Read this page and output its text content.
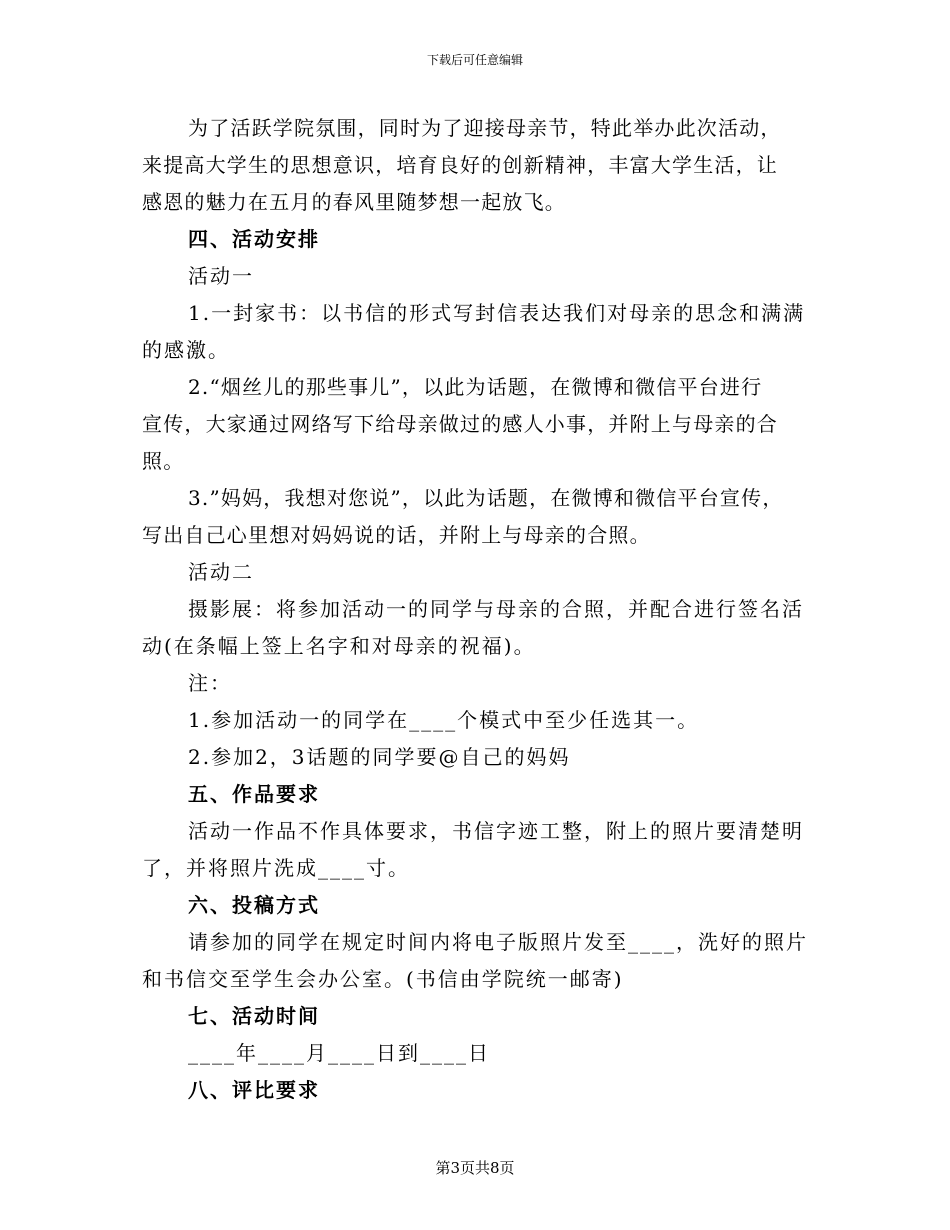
下载后可任意编辑

为了活跃学院氛围，同时为了迎接母亲节，特此举办此次活动，
来提高大学生的思想意识，培育良好的创新精神，丰富大学生活，让
感恩的魅力在五月的春风里随梦想一起放飞。

四、活动安排

活动一

1.一封家书：以书信的形式写封信表达我们对母亲的思念和满满
的感激。

2.“烟丝儿的那些事儿”，以此为话题，在微博和微信平台进行
宣传，大家通过网络写下给母亲做过的感人小事，并附上与母亲的合
照。

3.”妈妈，我想对您说”，以此为话题，在微博和微信平台宣传，
写出自己心里想对妈妈说的话，并附上与母亲的合照。

活动二

摄影展：将参加活动一的同学与母亲的合照，并配合进行签名活
动(在条幅上签上名字和对母亲的祝福)。

注：

1.参加活动一的同学在____个模式中至少任选其一。

2.参加2，3话题的同学要@自己的妈妈

五、作品要求

活动一作品不作具体要求，书信字迹工整，附上的照片要清楚明
了，并将照片洗成____寸。

六、投稿方式

请参加的同学在规定时间内将电子版照片发至____，洗好的照片
和书信交至学生会办公室。(书信由学院统一邮寄)

七、活动时间

____年____月____日到____日

八、评比要求

第3页共8页
